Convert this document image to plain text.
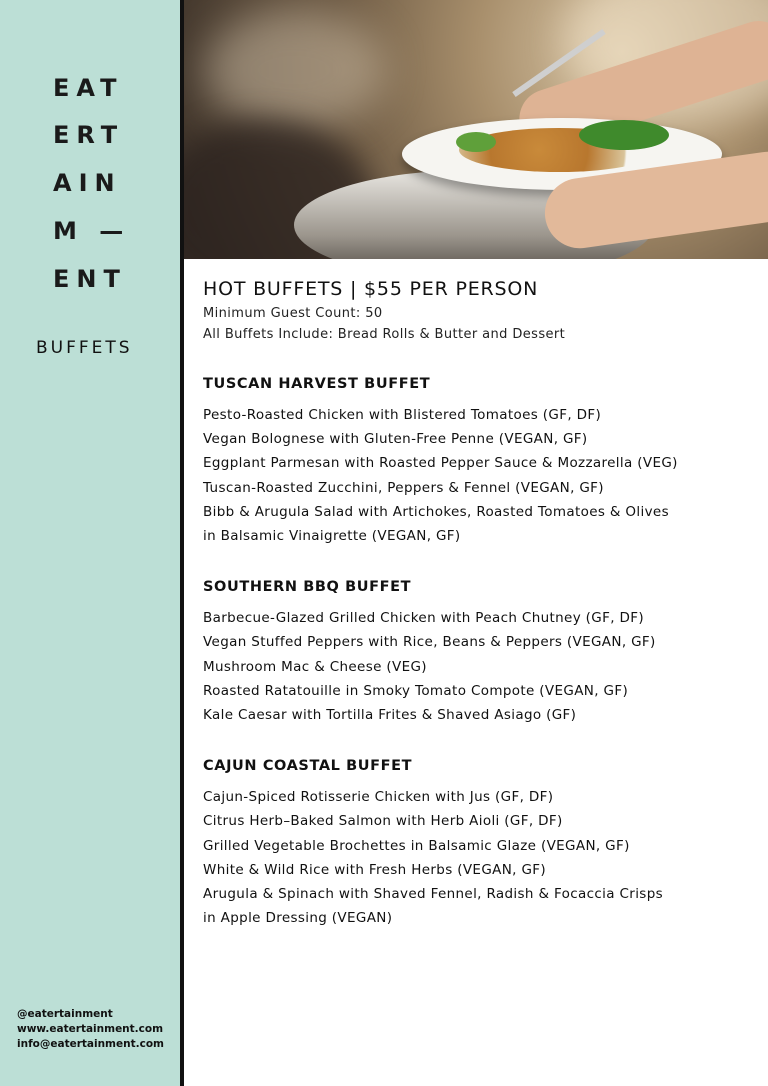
EAT
ERT
AIN
M —
ENT
BUFFETS
@eatertainment
www.eatertainment.com
info@eatertainment.com
HOT BUFFETS | $55 PER PERSON
Minimum Guest Count: 50
All Buffets Include: Bread Rolls & Butter and Dessert
TUSCAN HARVEST BUFFET
Pesto-Roasted Chicken with Blistered Tomatoes (GF, DF)
Vegan Bolognese with Gluten-Free Penne (VEGAN, GF)
Eggplant Parmesan with Roasted Pepper Sauce & Mozzarella (VEG)
Tuscan-Roasted Zucchini, Peppers & Fennel (VEGAN, GF)
Bibb & Arugula Salad with Artichokes, Roasted Tomatoes & Olives
in Balsamic Vinaigrette (VEGAN, GF)
SOUTHERN BBQ BUFFET
Barbecue-Glazed Grilled Chicken with Peach Chutney (GF, DF)
Vegan Stuffed Peppers with Rice, Beans & Peppers (VEGAN, GF)
Mushroom Mac & Cheese (VEG)
Roasted Ratatouille in Smoky Tomato Compote (VEGAN, GF)
Kale Caesar with Tortilla Frites & Shaved Asiago (GF)
CAJUN COASTAL BUFFET
Cajun-Spiced Rotisserie Chicken with Jus (GF, DF)
Citrus Herb–Baked Salmon with Herb Aioli (GF, DF)
Grilled Vegetable Brochettes in Balsamic Glaze (VEGAN, GF)
White & Wild Rice with Fresh Herbs (VEGAN, GF)
Arugula & Spinach with Shaved Fennel, Radish & Focaccia Crisps
in Apple Dressing (VEGAN)
